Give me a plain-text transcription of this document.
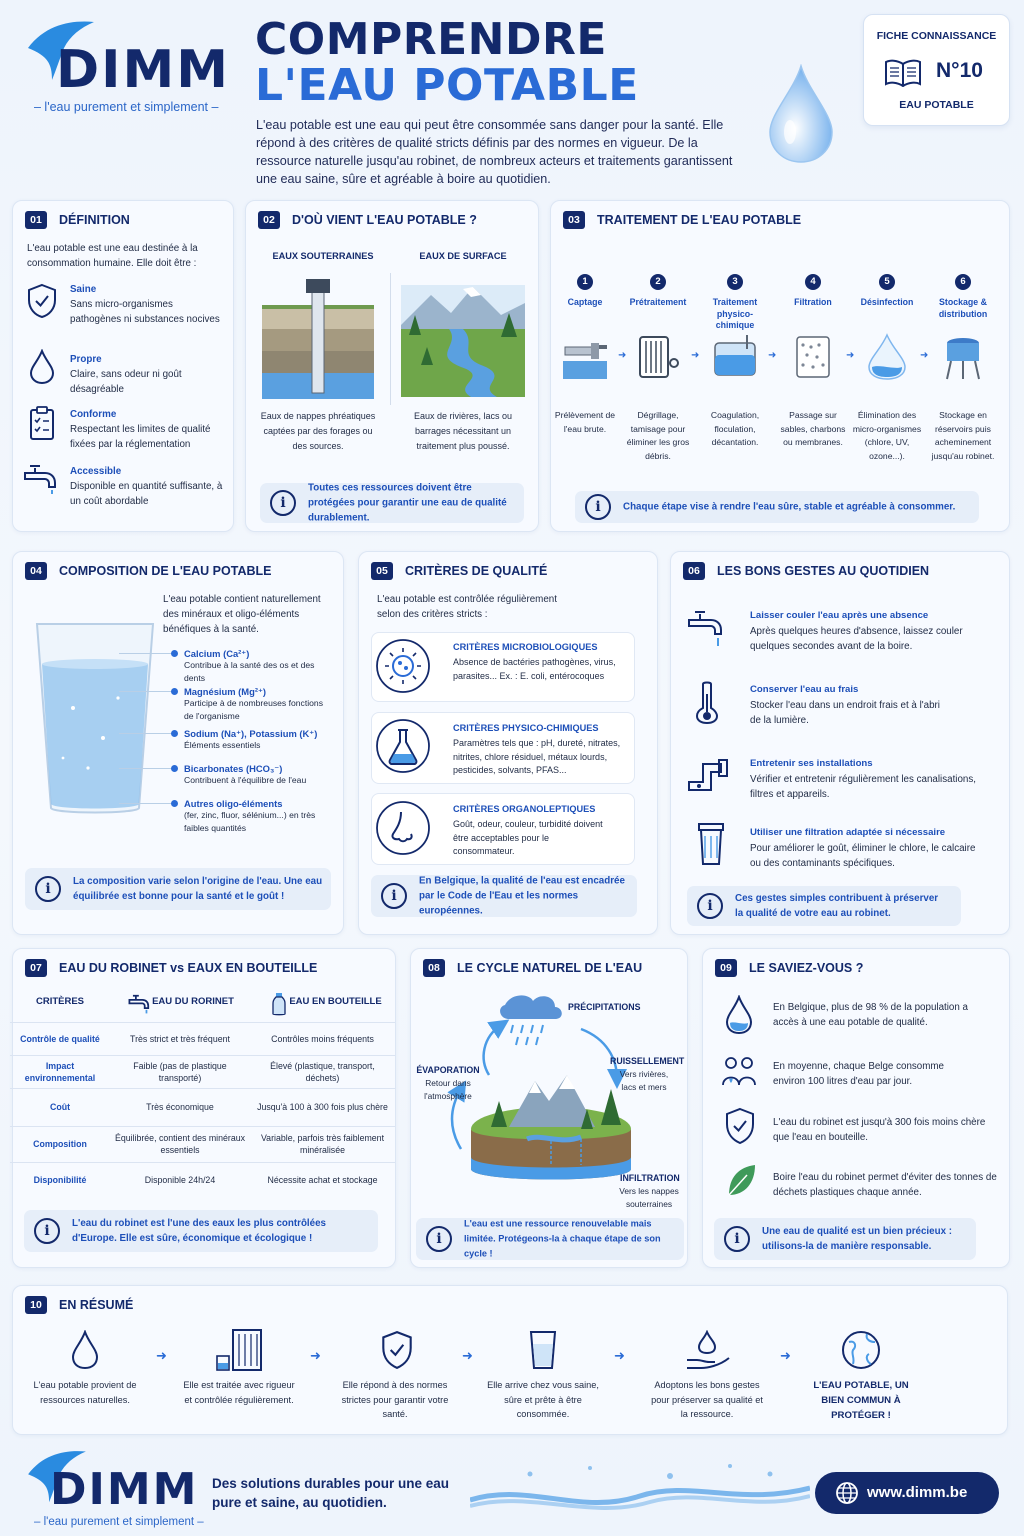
DIMM
– l'eau purement et simplement –
COMPRENDRE
L'EAU POTABLE
L'eau potable est une eau qui peut être consommée sans danger pour la santé. Elle répond à des critères de qualité stricts définis par des normes en vigueur. De la ressource naturelle jusqu'au robinet, de nombreux acteurs et traitements garantissent une eau saine, sûre et agréable à boire au quotidien.
FICHE CONNAISSANCE
N°10
EAU POTABLE
01	DÉFINITION
L'eau potable est une eau destinée à la consommation humaine. Elle doit être :
Saine
Sans micro-organismes pathogènes ni substances nocives
Propre
Claire, sans odeur ni goût désagréable
Conforme
Respectant les limites de qualité fixées par la réglementation
Accessible
Disponible en quantité suffisante, à un coût abordable
02	D'OÙ VIENT L'EAU POTABLE ?
EAUX SOUTERRAINES	EAUX DE SURFACE
Eaux de nappes phréatiques captées par des forages ou des sources.
Eaux de rivières, lacs ou barrages nécessitant un traitement plus poussé.
i
Toutes ces ressources doivent être protégées pour garantir une eau de qualité durablement.
03	TRAITEMENT DE L'EAU POTABLE
1
Captage
➜
Prélèvement de l'eau brute.
2
Prétraitement
➜
Dégrillage, tamisage pour éliminer les gros débris.
3
Traitement physico-chimique
➜
Coagulation, floculation, décantation.
4
Filtration
➜
Passage sur sables, charbons ou membranes.
5
Désinfection
➜
Élimination des micro-organismes (chlore, UV, ozone...).
6
Stockage & distribution
Stockage en réservoirs puis acheminement jusqu'au robinet.
i	Chaque étape vise à rendre l'eau sûre, stable et agréable à consommer.
04	COMPOSITION DE L'EAU POTABLE
L'eau potable contient naturellement des minéraux et oligo-éléments bénéfiques à la santé.
Calcium (Ca²⁺)
Contribue à la santé des os et des dents
Magnésium (Mg²⁺)
Participe à de nombreuses fonctions de l'organisme
Sodium (Na⁺), Potassium (K⁺)
Éléments essentiels
Bicarbonates (HCO₃⁻)
Contribuent à l'équilibre de l'eau
Autres oligo-éléments
(fer, zinc, fluor, sélénium...) en très faibles quantités
i	La composition varie selon l'origine de l'eau. Une eau équilibrée est bonne pour la santé et le goût !
05	CRITÈRES DE QUALITÉ
L'eau potable est contrôlée régulièrement selon des critères stricts :
CRITÈRES MICROBIOLOGIQUES
Absence de bactéries pathogènes, virus, parasites... Ex. : E. coli, entérocoques
CRITÈRES PHYSICO-CHIMIQUES
Paramètres tels que : pH, dureté, nitrates, nitrites, chlore résiduel, métaux lourds, pesticides, solvants, PFAS...
CRITÈRES ORGANOLEPTIQUES
Goût, odeur, couleur, turbidité doivent être acceptables pour le consommateur.
i
En Belgique, la qualité de l'eau est encadrée par le Code de l'Eau et les normes européennes.
06	LES BONS GESTES AU QUOTIDIEN
Laisser couler l'eau après une absence
Après quelques heures d'absence, laissez couler quelques secondes avant de la boire.
Conserver l'eau au frais
Stocker l'eau dans un endroit frais et à l'abri de la lumière.
Entretenir ses installations
Vérifier et entretenir régulièrement les canalisations, filtres et appareils.
Utiliser une filtration adaptée si nécessaire
Pour améliorer le goût, éliminer le chlore, le calcaire ou des contaminants spécifiques.
i	Ces gestes simples contribuent à préserver la qualité de votre eau au robinet.
07	EAU DU ROBINET vs EAUX EN BOUTEILLE
CRITÈRES	EAU DU RORINET	EAU EN BOUTEILLE
Contrôle de qualité	Très strict et très fréquent	Contrôles moins fréquents
Impact environnemental	Faible (pas de plastique transporté)	Élevé (plastique, transport, déchets)
Coût	Très économique	Jusqu'à 100 à 300 fois plus chère
Composition	Équilibrée, contient des minéraux essentiels	Variable, parfois très faiblement minéralisée
Disponibilité	Disponible 24h/24	Nécessite achat et stockage
i	L'eau du robinet est l'une des eaux les plus contrôlées d'Europe. Elle est sûre, économique et écologique !
08	LE CYCLE NATUREL DE L'EAU
PRÉCIPITATIONS
ÉVAPORATION
Retour dans l'atmosphère
RUISSELLEMENT
Vers rivières, lacs et mers
INFILTRATION
Vers les nappes souterraines
i
L'eau est une ressource renouvelable mais limitée. Protégeons-la à chaque étape de son cycle !
09	LE SAVIEZ-VOUS ?
En Belgique, plus de 98 % de la population a accès à une eau potable de qualité.
En moyenne, chaque Belge consomme environ 100 litres d'eau par jour.
L'eau du robinet est jusqu'à 300 fois moins chère que l'eau en bouteille.
Boire l'eau du robinet permet d'éviter des tonnes de déchets plastiques chaque année.
i	Une eau de qualité est un bien précieux : utilisons-la de manière responsable.
10	EN RÉSUMÉ
L'eau potable provient de ressources naturelles.
➜
Elle est traitée avec rigueur et contrôlée régulièrement.
➜
Elle répond à des normes strictes pour garantir votre santé.
➜
Elle arrive chez vous saine, sûre et prête à être consommée.
➜
Adoptons les bons gestes pour préserver sa qualité et la ressource.
➜
L'EAU POTABLE, UN BIEN COMMUN À PROTÉGER !
DIMM
– l'eau purement et simplement –
Des solutions durables pour une eau pure et saine, au quotidien.
www.dimm.be
